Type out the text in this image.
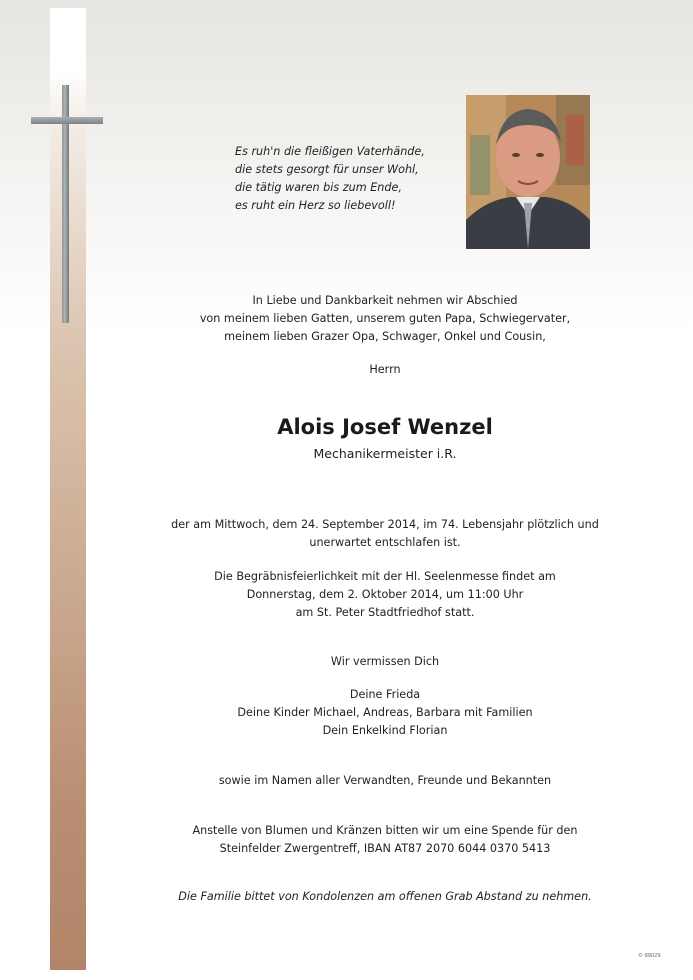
Es ruh'n die fleißigen Vaterhände,
die stets gesorgt für unser Wohl,
die tätig waren bis zum Ende,
es ruht ein Herz so liebevoll!
In Liebe und Dankbarkeit nehmen wir Abschied
von meinem lieben Gatten, unserem guten Papa, Schwiegervater,
meinem lieben Grazer Opa, Schwager, Onkel und Cousin,
Herrn
Alois Josef Wenzel
Mechanikermeister i.R.
der am Mittwoch, dem 24. September 2014, im 74. Lebensjahr plötzlich und
unerwartet entschlafen ist.
Die Begräbnisfeierlichkeit mit der Hl. Seelenmesse findet am
Donnerstag, dem 2. Oktober 2014, um 11:00 Uhr
am St. Peter Stadtfriedhof statt.
Wir vermissen Dich
Deine Frieda
Deine Kinder Michael, Andreas, Barbara mit Familien
Dein Enkelkind Florian
sowie im Namen aller Verwandten, Freunde und Bekannten
Anstelle von Blumen und Kränzen bitten wir um eine Spende für den
Steinfelder Zwergentreff, IBAN AT87 2070 6044 0370 5413
Die Familie bittet von Kondolenzen am offenen Grab Abstand zu nehmen.
© 89029
